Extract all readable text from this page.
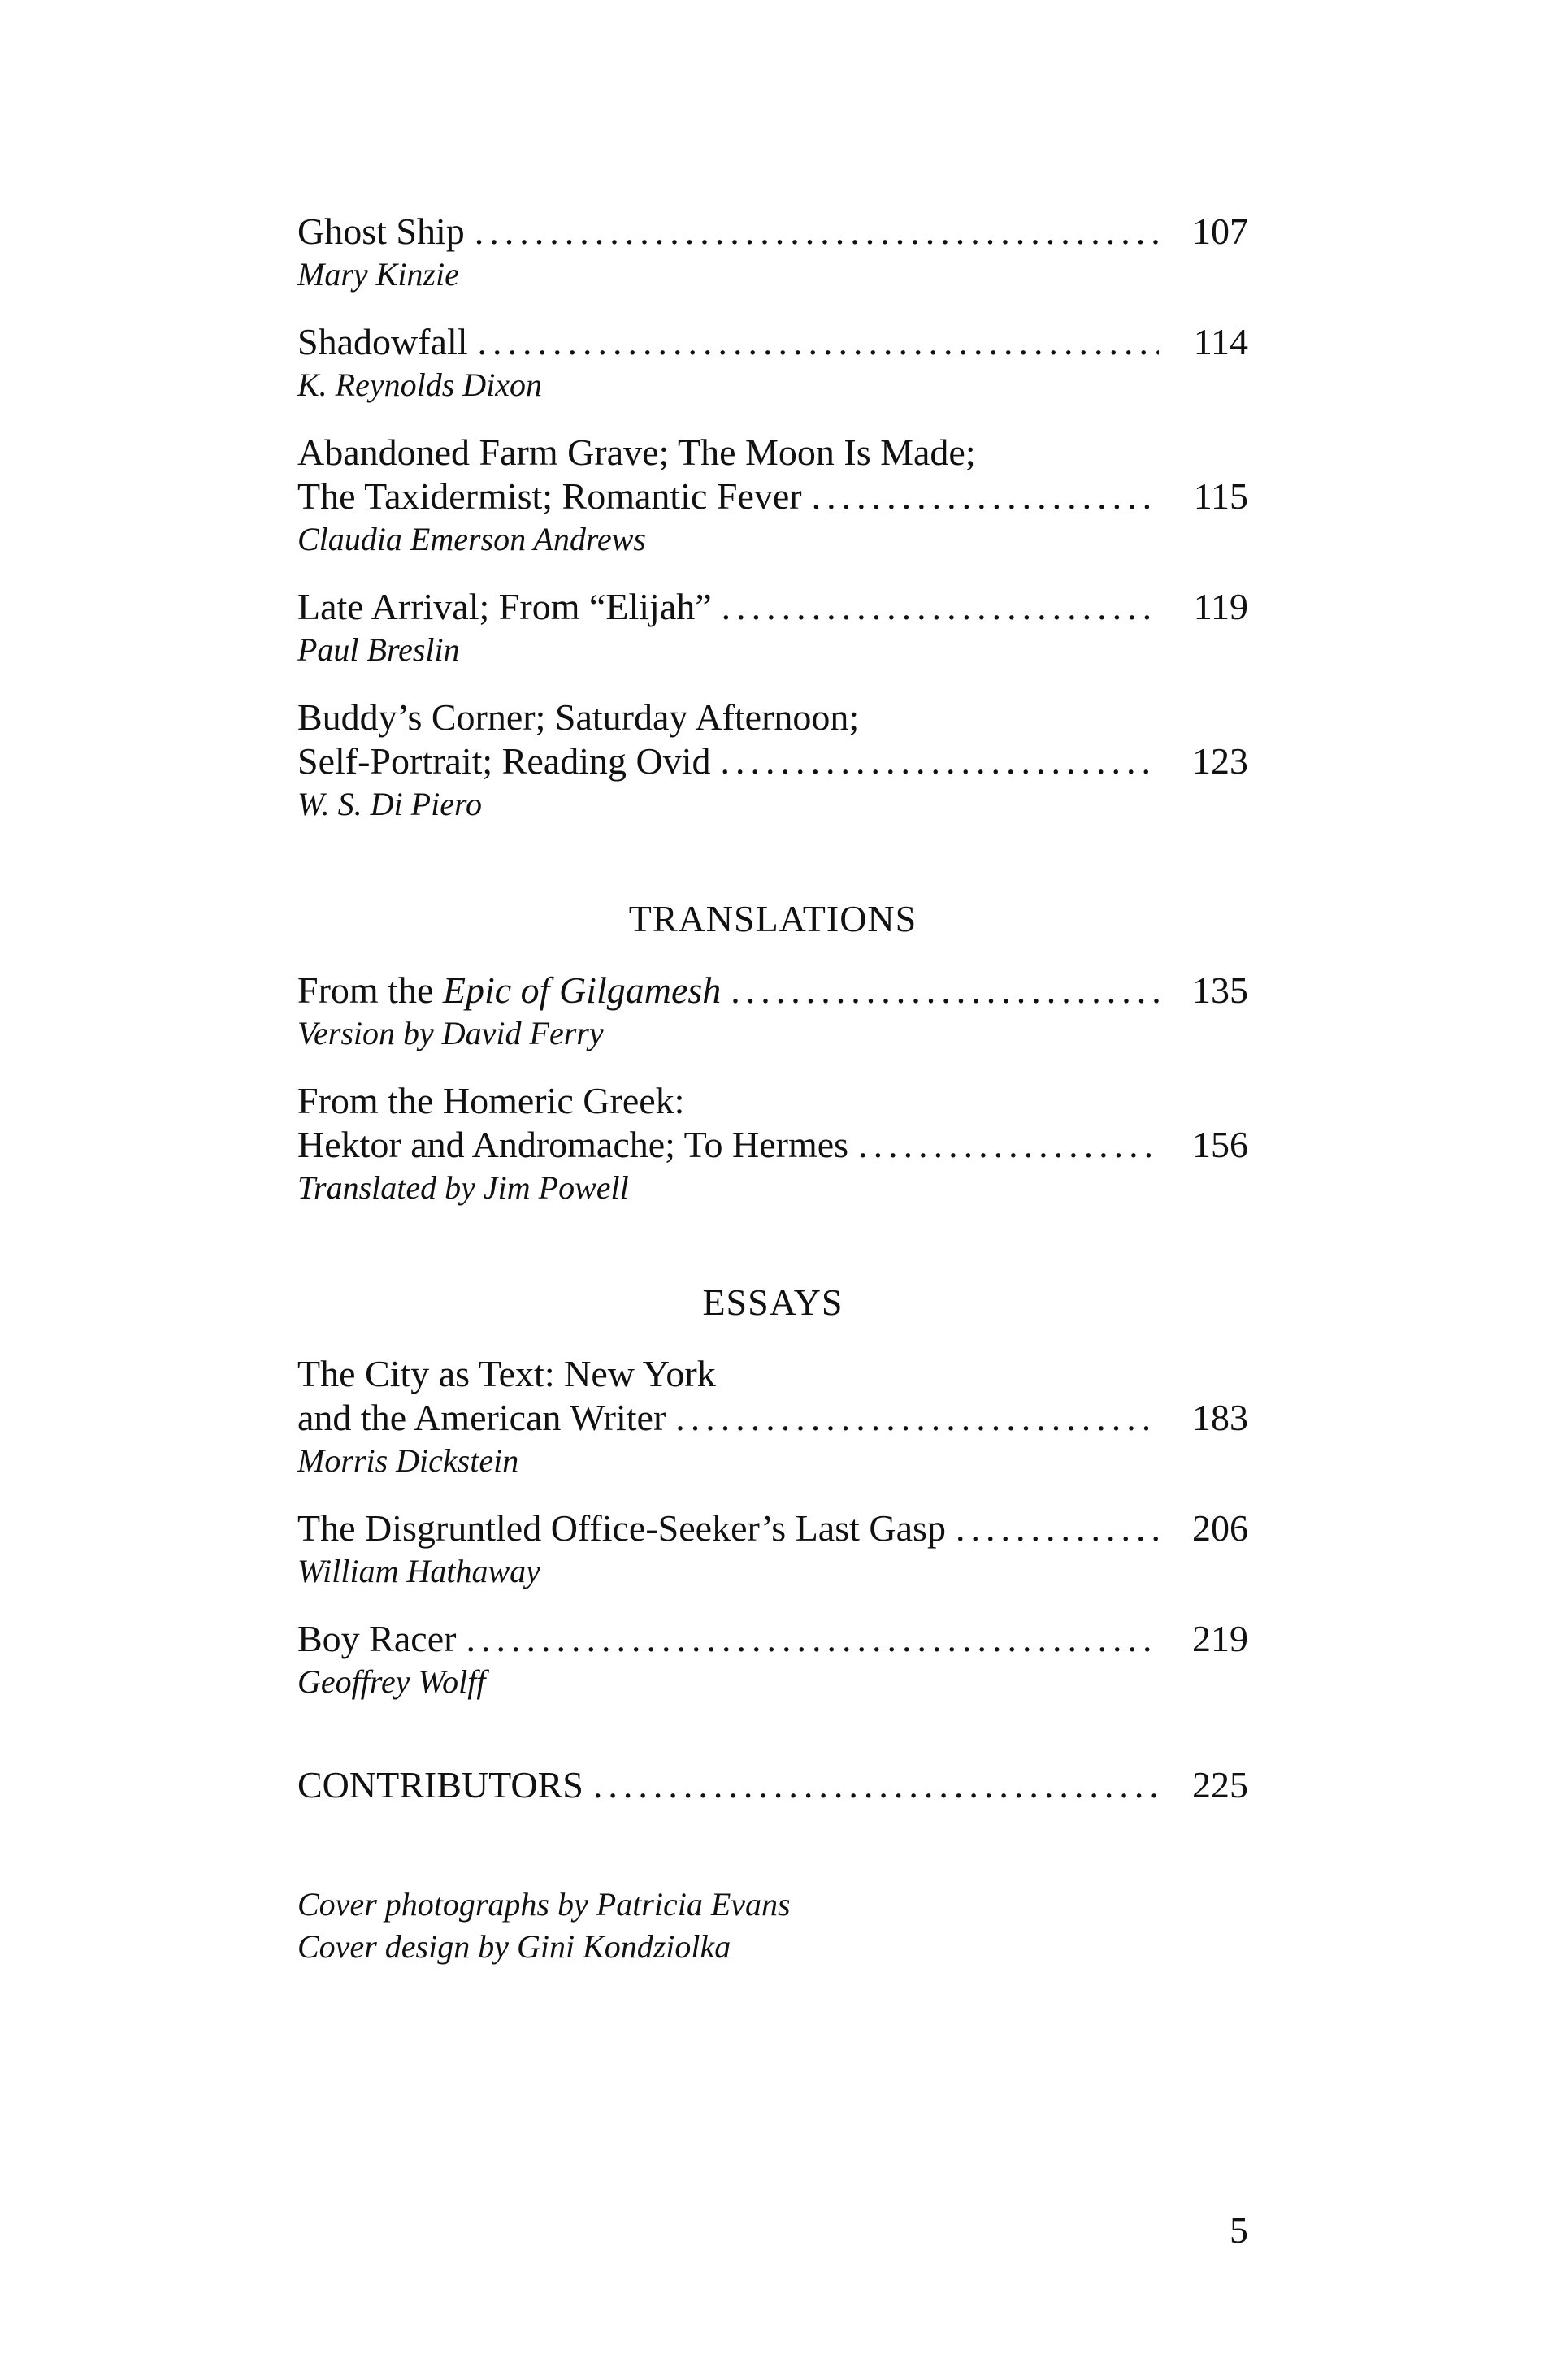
Ghost Ship .....	107
Mary Kinzie
Shadowfall .....	114
K. Reynolds Dixon
Abandoned Farm Grave; The Moon Is Made;
The Taxidermist; Romantic Fever .....	115
Claudia Emerson Andrews
Late Arrival; From “Elijah” .....	119
Paul Breslin
Buddy’s Corner; Saturday Afternoon;
Self-Portrait; Reading Ovid .....	123
W. S. Di Piero
TRANSLATIONS
From the Epic of Gilgamesh .....	135
Version by David Ferry
From the Homeric Greek:
Hektor and Andromache; To Hermes .....	156
Translated by Jim Powell
ESSAYS
The City as Text: New York
and the American Writer .....	183
Morris Dickstein
The Disgruntled Office-Seeker’s Last Gasp .....	206
William Hathaway
Boy Racer .....	219
Geoffrey Wolff
CONTRIBUTORS .....	225
Cover photographs by Patricia Evans
Cover design by Gini Kondziolka
5
